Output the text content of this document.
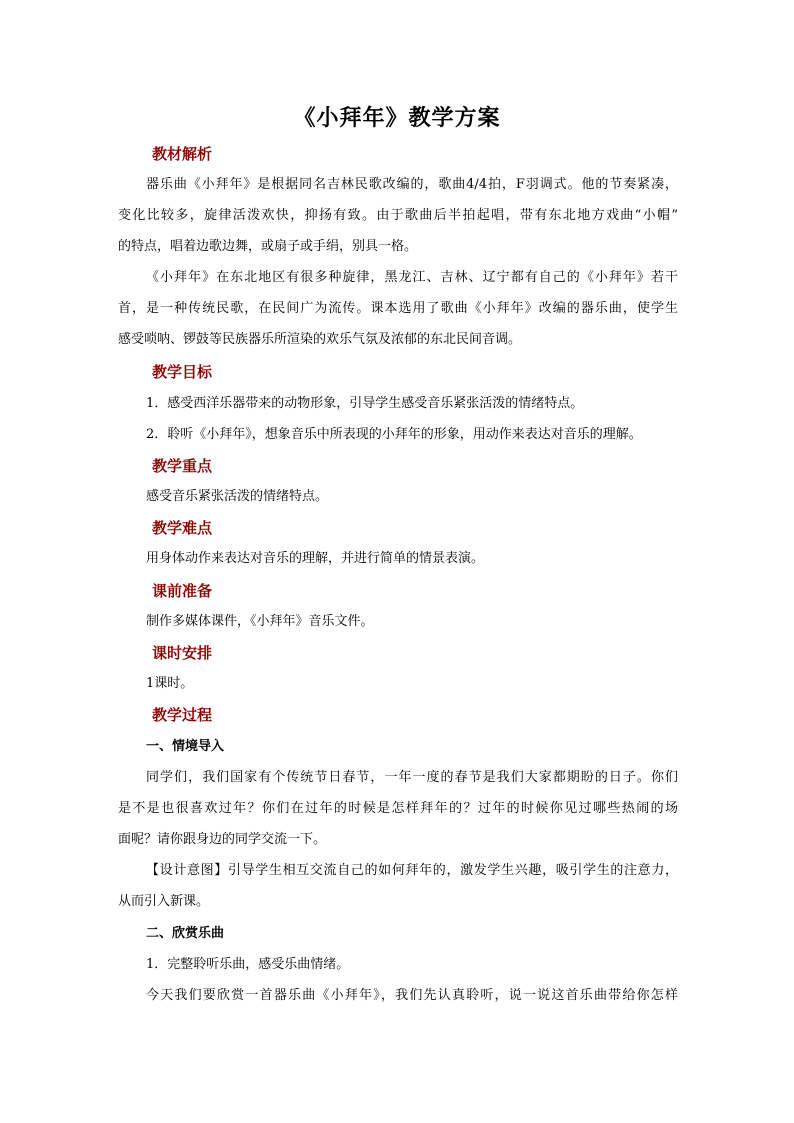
《小拜年》教学方案
教材解析
器乐曲《小拜年》是根据同名吉林民歌改编的，歌曲4/4拍，F羽调式。他的节奏紧凑，
变化比较多，旋律活泼欢快，抑扬有致。由于歌曲后半拍起唱，带有东北地方戏曲“小帽”
的特点，唱着边歌边舞，或扇子或手绢，别具一格。
《小拜年》在东北地区有很多种旋律，黑龙江、吉林、辽宁都有自己的《小拜年》若干
首，是一种传统民歌，在民间广为流传。课本选用了歌曲《小拜年》改编的器乐曲，使学生
感受唢呐、锣鼓等民族器乐所渲染的欢乐气氛及浓郁的东北民间音调。
教学目标
1．感受西洋乐器带来的动物形象，引导学生感受音乐紧张活泼的情绪特点。
2．聆听《小拜年》，想象音乐中所表现的小拜年的形象，用动作来表达对音乐的理解。
教学重点
感受音乐紧张活泼的情绪特点。
教学难点
用身体动作来表达对音乐的理解，并进行简单的情景表演。
课前准备
制作多媒体课件，《小拜年》音乐文件。
课时安排
1课时。
教学过程
一、情境导入
同学们，我们国家有个传统节日春节，一年一度的春节是我们大家都期盼的日子。你们
是不是也很喜欢过年？你们在过年的时候是怎样拜年的？过年的时候你见过哪些热闹的场
面呢？请你跟身边的同学交流一下。
【设计意图】引导学生相互交流自己的如何拜年的，激发学生兴趣，吸引学生的注意力，
从而引入新课。
二、欣赏乐曲
1．完整聆听乐曲，感受乐曲情绪。
今天我们要欣赏一首器乐曲《小拜年》，我们先认真聆听，说一说这首乐曲带给你怎样
